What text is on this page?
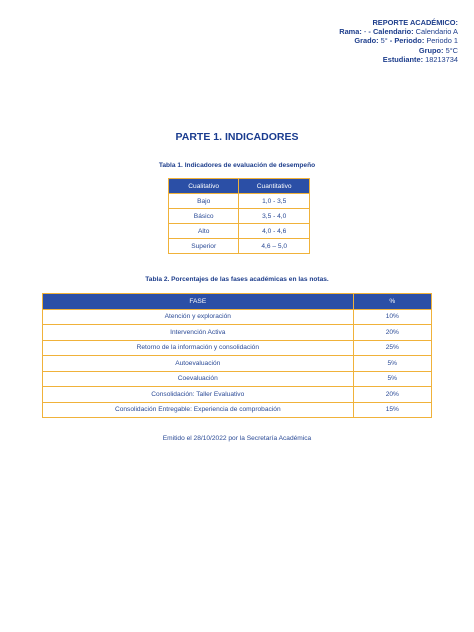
REPORTE ACADÉMICO:
Rama: - - Calendario: Calendario A
Grado: 5° - Periodo: Periodo 1
Grupo: 5°C
Estudiante: 18213734
PARTE 1. INDICADORES
Tabla 1. Indicadores de evaluación de desempeño
Cualitativo	Cuantitativo
Bajo	1,0 - 3,5
Básico	3,5 - 4,0
Alto	4,0 - 4,6
Superior	4,6 – 5,0
Tabla 2. Porcentajes de las fases académicas en las notas.
FASE	%
Atención y exploración	10%
Intervención Activa	20%
Retorno de la información y consolidación	25%
Autoevaluación	5%
Coevaluación	5%
Consolidación: Taller Evaluativo	20%
Consolidación Entregable: Experiencia de comprobación	15%
Emitido el 28/10/2022 por la Secretaría Académica
